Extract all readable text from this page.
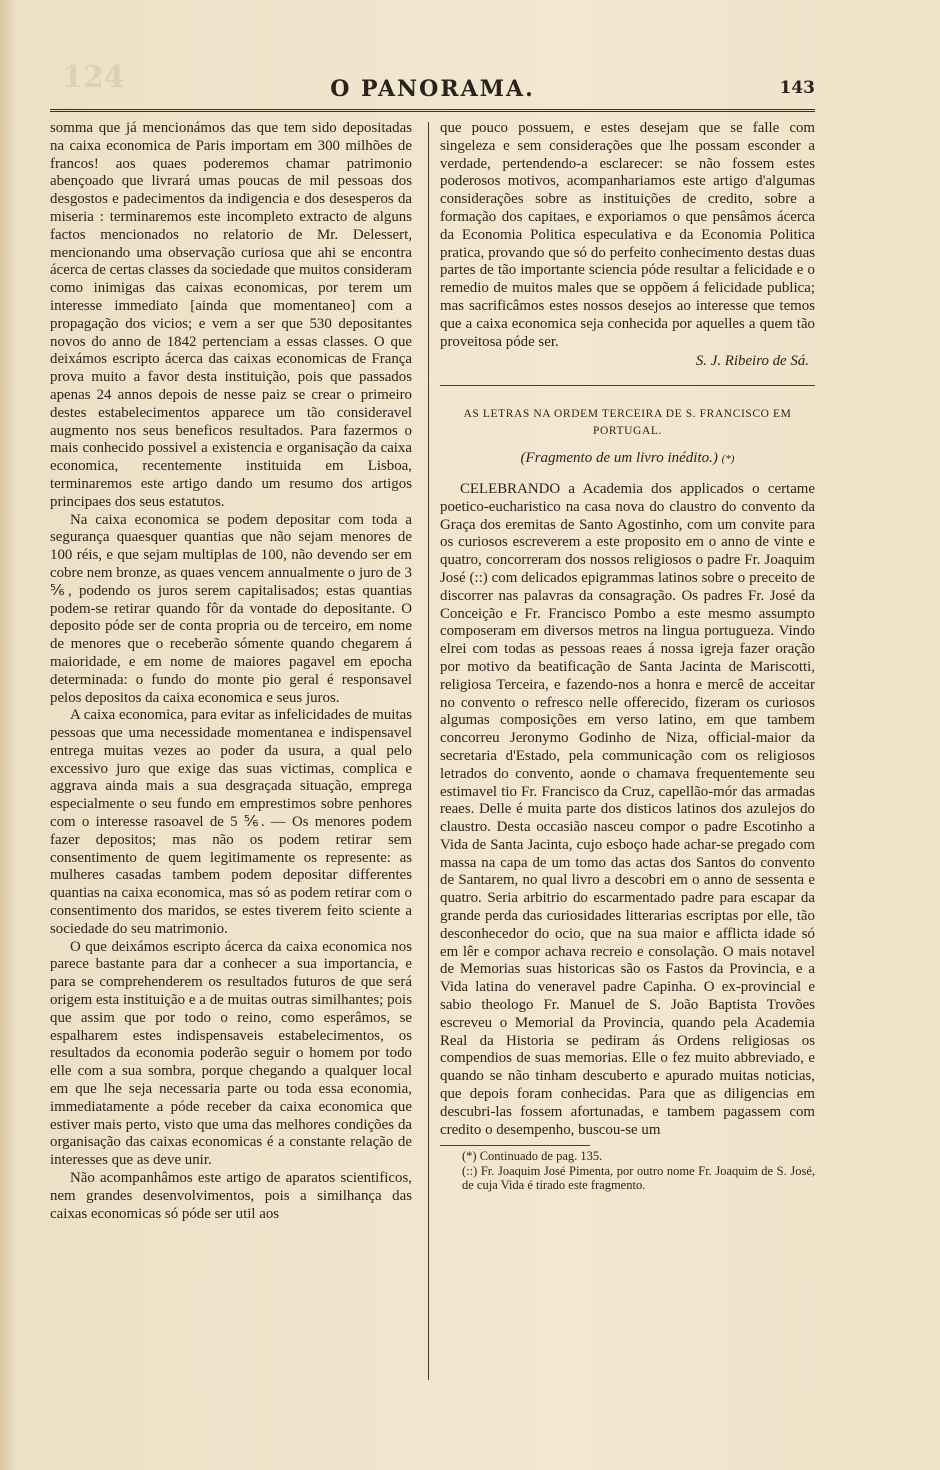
124	O PANORAMA.	143

somma que já mencionámos das que tem sido depositadas na caixa economica de Paris importam em 300 milhões de francos! aos quaes poderemos chamar patrimonio abençoado que livrará umas poucas de mil pessoas dos desgostos e padecimentos da indigencia e dos desesperos da miseria : terminaremos este incompleto extracto de alguns factos mencionados no relatorio de Mr. Delessert, mencionando uma observação curiosa que ahi se encontra ácerca de certas classes da sociedade que muitos consideram como inimigas das caixas economicas, por terem um interesse immediato [ainda que momentaneo] com a propagação dos vicios; e vem a ser que 530 depositantes novos do anno de 1842 pertenciam a essas classes. O que deixámos escripto ácerca das caixas economicas de França prova muito a favor desta instituição, pois que passados apenas 24 annos depois de nesse paiz se crear o primeiro destes estabelecimentos apparece um tão consideravel augmento nos seus beneficos resultados. Para fazermos o mais conhecido possivel a existencia e organisação da caixa economica, recentemente instituida em Lisboa, terminaremos este artigo dando um resumo dos artigos principaes dos seus estatutos.

Na caixa economica se podem depositar com toda a segurança quaesquer quantias que não sejam menores de 100 réis, e que sejam multiplas de 100, não devendo ser em cobre nem bronze, as quaes vencem annualmente o juro de 3 ⅚, podendo os juros serem capitalisados; estas quantias podem-se retirar quando fôr da vontade do depositante. O deposito póde ser de conta propria ou de terceiro, em nome de menores que o receberão sómente quando chegarem á maioridade, e em nome de maiores pagavel em epocha determinada: o fundo do monte pio geral é responsavel pelos depositos da caixa economica e seus juros.

A caixa economica, para evitar as infelicidades de muitas pessoas que uma necessidade momentanea e indispensavel entrega muitas vezes ao poder da usura, a qual pelo excessivo juro que exige das suas victimas, complica e aggrava ainda mais a sua desgraçada situação, emprega especialmente o seu fundo em emprestimos sobre penhores com o interesse rasoavel de 5 ⅚. — Os menores podem fazer depositos; mas não os podem retirar sem consentimento de quem legitimamente os represente: as mulheres casadas tambem podem depositar differentes quantias na caixa economica, mas só as podem retirar com o consentimento dos maridos, se estes tiverem feito sciente a sociedade do seu matrimonio.

O que deixámos escripto ácerca da caixa economica nos parece bastante para dar a conhecer a sua importancia, e para se comprehenderem os resultados futuros de que será origem esta instituição e a de muitas outras similhantes; pois que assim que por todo o reino, como esperâmos, se espalharem estes indispensaveis estabelecimentos, os resultados da economia poderão seguir o homem por todo elle com a sua sombra, porque chegando a qualquer local em que lhe seja necessaria parte ou toda essa economia, immediatamente a póde receber da caixa economica que estiver mais perto, visto que uma das melhores condições da organisação das caixas economicas é a constante relação de interesses que as deve unir.

Não acompanhâmos este artigo de aparatos scientificos, nem grandes desenvolvimentos, pois a similhança das caixas economicas só póde ser util aos

que pouco possuem, e estes desejam que se falle com singeleza e sem considerações que lhe possam esconder a verdade, pertendendo-a esclarecer: se não fossem estes poderosos motivos, acompanhariamos este artigo d'algumas considerações sobre as instituições de credito, sobre a formação dos capitaes, e exporiamos o que pensâmos ácerca da Economia Politica especulativa e da Economia Politica pratica, provando que só do perfeito conhecimento destas duas partes de tão importante sciencia póde resultar a felicidade e o remedio de muitos males que se oppõem á felicidade publica; mas sacrificâmos estes nossos desejos ao interesse que temos que a caixa economica seja conhecida por aquelles a quem tão proveitosa póde ser.

S. J. Ribeiro de Sá.

AS LETRAS NA ORDEM TERCEIRA DE S. FRANCISCO EM PORTUGAL.

(Fragmento de um livro inédito.) (*)

CELEBRANDO a Academia dos applicados o certame poetico-eucharistico na casa nova do claustro do convento da Graça dos eremitas de Santo Agostinho, com um convite para os curiosos escreverem a este proposito em o anno de vinte e quatro, concorreram dos nossos religiosos o padre Fr. Joaquim José (::) com delicados epigrammas latinos sobre o preceito de discorrer nas palavras da consagração. Os padres Fr. José da Conceição e Fr. Francisco Pombo a este mesmo assumpto composeram em diversos metros na lingua portugueza. Vindo elrei com todas as pessoas reaes á nossa igreja fazer oração por motivo da beatificação de Santa Jacinta de Mariscotti, religiosa Terceira, e fazendo-nos a honra e mercê de acceitar no convento o refresco nelle offerecido, fizeram os curiosos algumas composições em verso latino, em que tambem concorreu Jeronymo Godinho de Niza, official-maior da secretaria d'Estado, pela communicação com os religiosos letrados do convento, aonde o chamava frequentemente seu estimavel tio Fr. Francisco da Cruz, capellão-mór das armadas reaes. Delle é muita parte dos disticos latinos dos azulejos do claustro. Desta occasião nasceu compor o padre Escotinho a Vida de Santa Jacinta, cujo esboço hade achar-se pregado com massa na capa de um tomo das actas dos Santos do convento de Santarem, no qual livro a descobri em o anno de sessenta e quatro. Seria arbitrio do escarmentado padre para escapar da grande perda das curiosidades litterarias escriptas por elle, tão desconhecedor do ocio, que na sua maior e afflicta idade só em lêr e compor achava recreio e consolação. O mais notavel de Memorias suas historicas são os Fastos da Provincia, e a Vida latina do veneravel padre Capinha. O ex-provincial e sabio theologo Fr. Manuel de S. João Baptista Trovões escreveu o Memorial da Provincia, quando pela Academia Real da Historia se pediram ás Ordens religiosas os compendios de suas memorias. Elle o fez muito abbreviado, e quando se não tinham descuberto e apurado muitas noticias, que depois foram conhecidas. Para que as diligencias em descubri-las fossem afortunadas, e tambem pagassem com credito o desempenho, buscou-se um

(*) Continuado de pag. 135.

(::) Fr. Joaquim José Pimenta, por outro nome Fr. Joaquim de S. José, de cuja Vida é tirado este fragmento.
